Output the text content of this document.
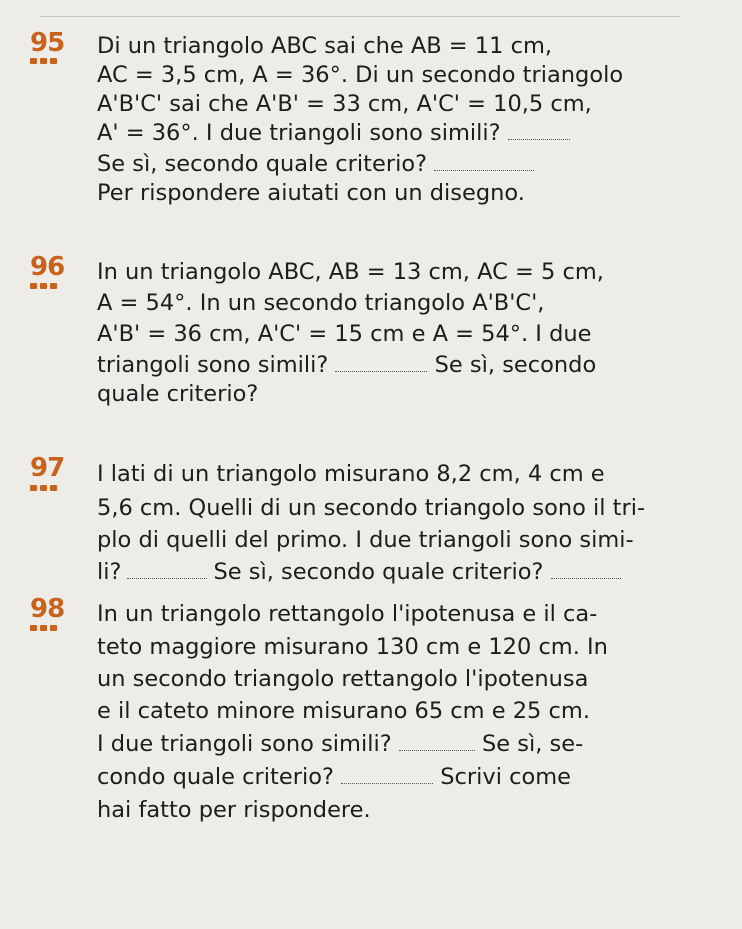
95	Di un triangolo ABC sai che AB = 11 cm,
AC = 3,5 cm, A = 36°. Di un secondo triangolo
A'B'C' sai che A'B' = 33 cm, A'C' = 10,5 cm,
A' = 36°. I due triangoli sono simili?
Se sì, secondo quale criterio?
Per rispondere aiutati con un disegno.
96	In un triangolo ABC, AB = 13 cm, AC = 5 cm,
A = 54°. In un secondo triangolo A'B'C',
A'B' = 36 cm, A'C' = 15 cm e A = 54°. I due
triangoli sono simili?	Se sì, secondo
quale criterio?
97	I lati di un triangolo misurano 8,2 cm, 4 cm e
5,6 cm. Quelli di un secondo triangolo sono il tri-
plo di quelli del primo. I due triangoli sono simi-
li?	Se sì, secondo quale criterio?
98	In un triangolo rettangolo l'ipotenusa e il ca-
teto maggiore misurano 130 cm e 120 cm. In
un secondo triangolo rettangolo l'ipotenusa
e il cateto minore misurano 65 cm e 25 cm.
I due triangoli sono simili?	Se sì, se-
condo quale criterio?	Scrivi come
hai fatto per rispondere.
